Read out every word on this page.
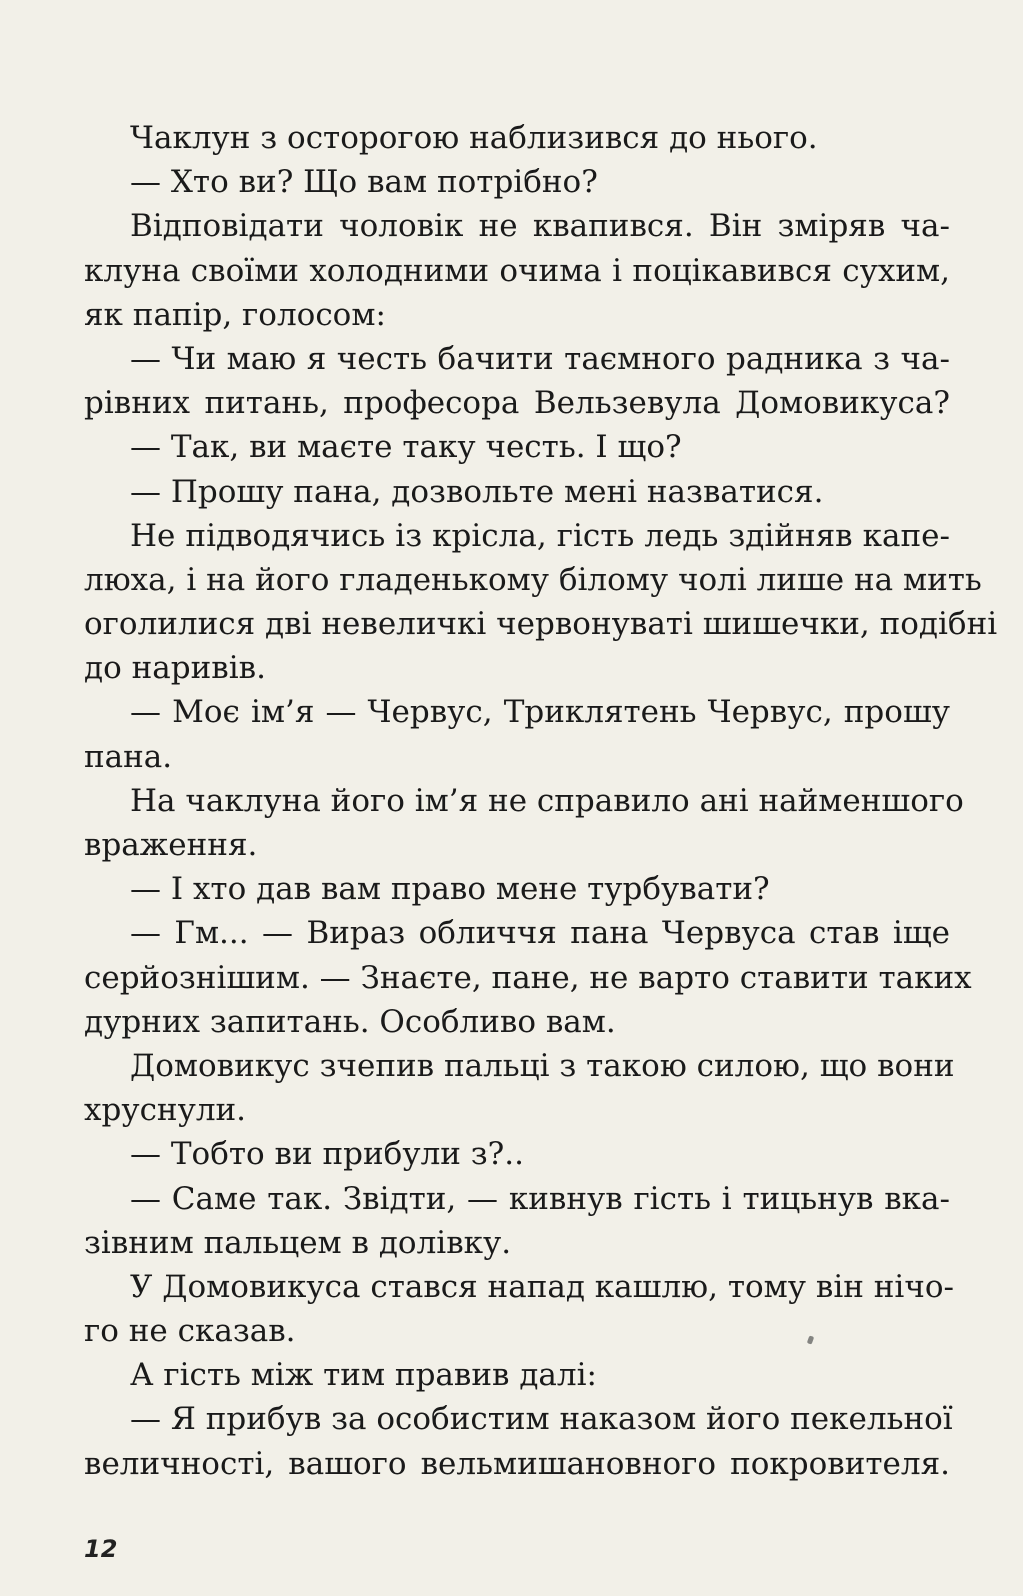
Чаклун з осторогою наблизився до нього.
— Хто ви? Що вам потрібно?
Відповідати чоловік не квапився. Він зміряв ча-
клуна своїми холодними очима і поцікавився сухим,
як папір, голосом:
— Чи маю я честь бачити таємного радника з ча-
рівних питань, професора Вельзевула Домовикуса?
— Так, ви маєте таку честь. І що?
— Прошу пана, дозвольте мені назватися.
Не підводячись із крісла, гість ледь здійняв капе-
люха, і на його гладенькому білому чолі лише на мить
оголилися дві невеличкі червонуваті шишечки, подібні
до наривів.
— Моє ім’я — Червус, Триклятень Червус, прошу
пана.
На чаклуна його ім’я не справило ані найменшого
враження.
— І хто дав вам право мене турбувати?
— Гм... — Вираз обличчя пана Червуса став іще
серйознішим. — Знаєте, пане, не варто ставити таких
дурних запитань. Особливо вам.
Домовикус зчепив пальці з такою силою, що вони
хруснули.
— Тобто ви прибули з?..
— Саме так. Звідти, — кивнув гість і тицьнув вка-
зівним пальцем в долівку.
У Домовикуса стався напад кашлю, тому він нічо-
го не сказав.
А гість між тим правив далі:
— Я прибув за особистим наказом його пекельної
величності, вашого вельмишановного покровителя.
12
